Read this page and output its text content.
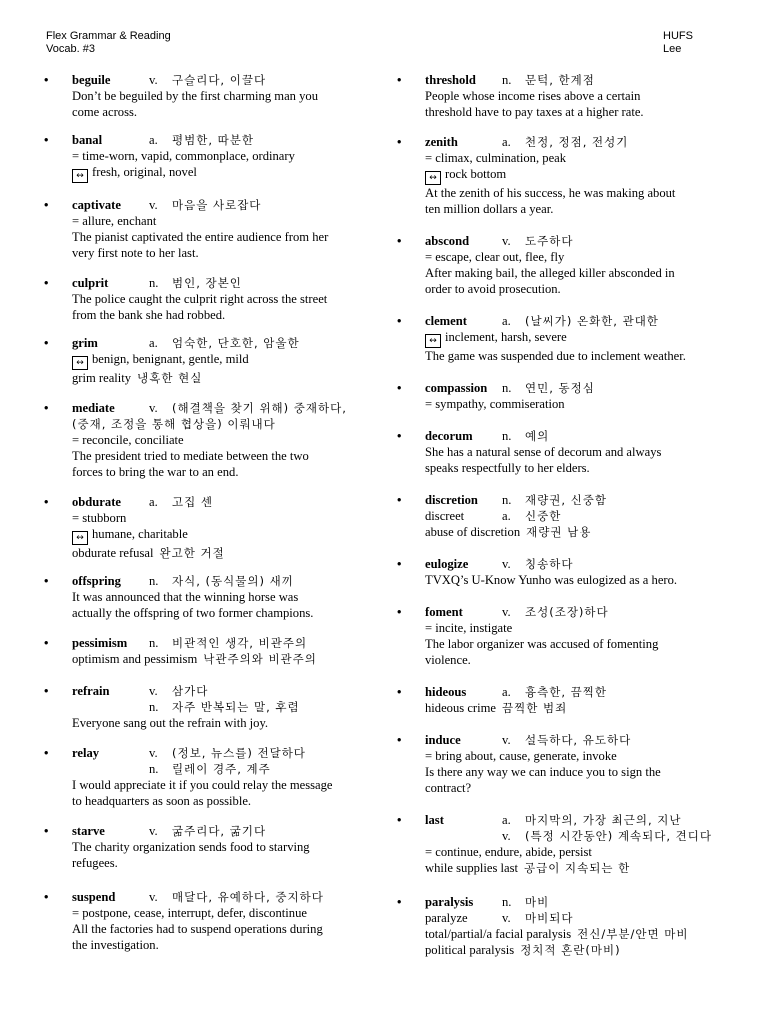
Flex Grammar & Reading
Vocab. #3
HUFS
Lee
• beguile	v. 구슬리다, 이끌다
Don’t be beguiled by the first charming man you
come across.
• banal	a. 평범한, 따분한
= time-worn, vapid, commonplace, ordinary
↔ fresh, original, novel
• captivate v. 마음을 사로잡다
= allure, enchant
The pianist captivated the entire audience from her
very first note to her last.
• culprit	n. 범인, 장본인
The police caught the culprit right across the street
from the bank she had robbed.
• grim	a. 엄숙한, 단호한, 암울한
↔ benign, benignant, gentle, mild
grim reality 냉혹한 현실
• mediate	v. (해결책을 찾기 위해) 중재하다,
(중재, 조정을 통해 협상을) 이뤄내다
= reconcile, conciliate
The president tried to mediate between the two
forces to bring the war to an end.
• obdurate a. 고집 센
= stubborn
↔ humane, charitable
obdurate refusal 완고한 거절
• offspring n. 자식, (동식물의) 새끼
It was announced that the winning horse was
actually the offspring of two former champions.
• pessimism n. 비관적인 생각, 비관주의
optimism and pessimism 낙관주의와 비관주의
• refrain	v. 삼가다
n. 자주 반복되는 말, 후렴
Everyone sang out the refrain with joy.
• relay	v. (정보, 뉴스를) 전달하다
n. 릴레이 경주, 계주
I would appreciate it if you could relay the message
to headquarters as soon as possible.
• starve	v. 굶주리다, 굶기다
The charity organization sends food to starving
refugees.
• suspend	v. 매달다, 유예하다, 중지하다
= postpone, cease, interrupt, defer, discontinue
All the factories had to suspend operations during
the investigation.
• threshold n. 문턱, 한계점
People whose income rises above a certain
threshold have to pay taxes at a higher rate.
• zenith	a. 천정, 정점, 전성기
= climax, culmination, peak
↔ rock bottom
At the zenith of his success, he was making about
ten million dollars a year.
• abscond	v. 도주하다
= escape, clear out, flee, fly
After making bail, the alleged killer absconded in
order to avoid prosecution.
• clement	a. (날씨가) 온화한, 관대한
↔ inclement, harsh, severe
The game was suspended due to inclement weather.
• compassion n. 연민, 동정심
= sympathy, commiseration
• decorum n. 예의
She has a natural sense of decorum and always
speaks respectfully to her elders.
• discretion n. 재량권, 신중함
discreet	a. 신중한
abuse of discretion 재량권 남용
• eulogize	v. 칭송하다
TVXQ’s U-Know Yunho was eulogized as a hero.
• foment	v. 조성(조장)하다
= incite, instigate
The labor organizer was accused of fomenting
violence.
• hideous	a. 흉측한, 끔찍한
hideous crime 끔찍한 범죄
• induce	v. 설득하다, 유도하다
= bring about, cause, generate, invoke
Is there any way we can induce you to sign the
contract?
• last	a. 마지막의, 가장 최근의, 지난
v. (특정 시간동안) 계속되다, 견디다
= continue, endure, abide, persist
while supplies last 공급이 지속되는 한
• paralysis n. 마비
paralyze	v. 마비되다
total/partial/a facial paralysis 전신/부분/안면 마비
political paralysis 정치적 혼란(마비)
